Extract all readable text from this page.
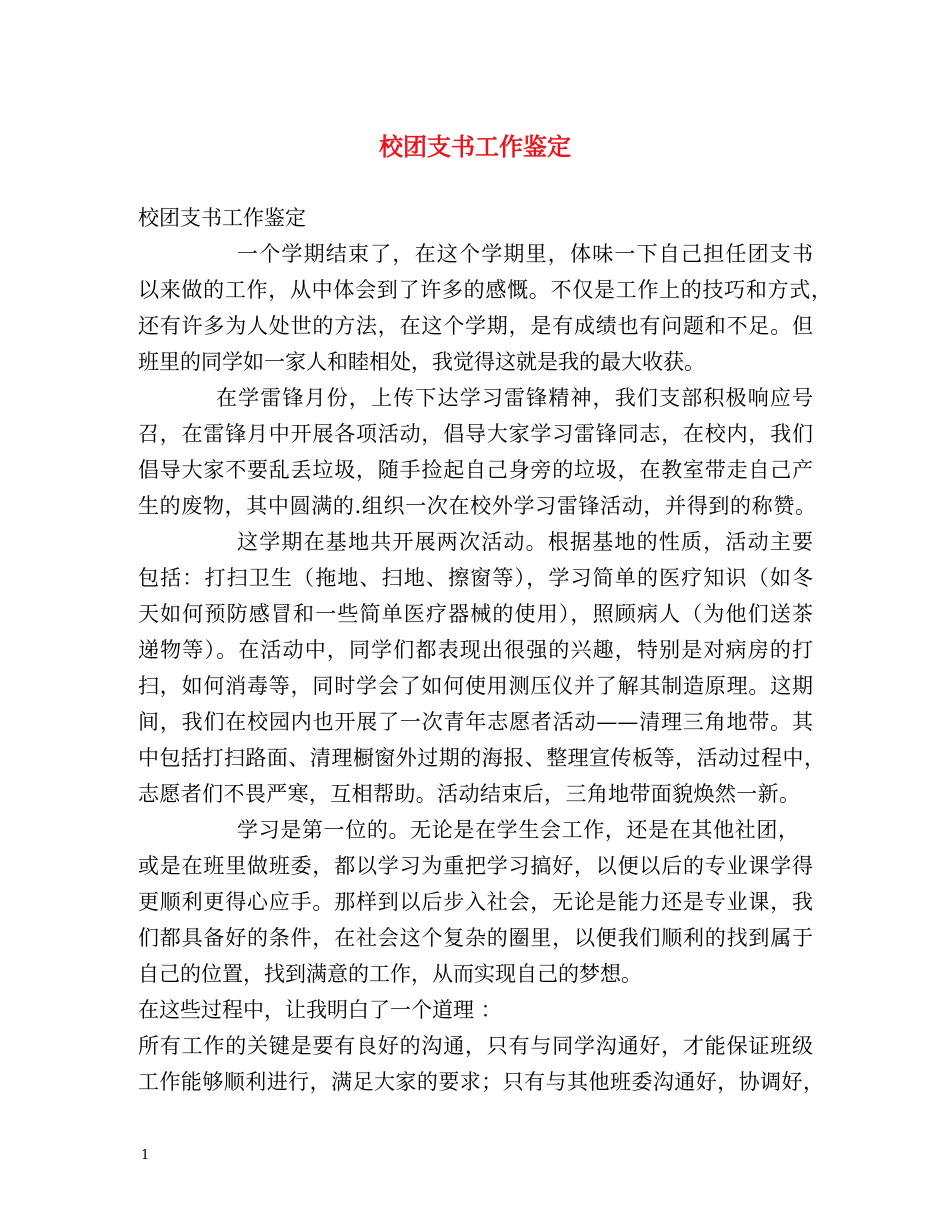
校团支书工作鉴定
校团支书工作鉴定
一个学期结束了，在这个学期里，体味一下自己担任团支书
以来做的工作，从中体会到了许多的感慨。不仅是工作上的技巧和方式，
还有许多为人处世的方法，在这个学期，是有成绩也有问题和不足。但
班里的同学如一家人和睦相处，我觉得这就是我的最大收获。
在学雷锋月份，上传下达学习雷锋精神，我们支部积极响应号
召，在雷锋月中开展各项活动，倡导大家学习雷锋同志，在校内，我们
倡导大家不要乱丢垃圾，随手捡起自己身旁的垃圾，在教室带走自己产
生的废物，其中圆满的.组织一次在校外学习雷锋活动，并得到的称赞。
这学期在基地共开展两次活动。根据基地的性质，活动主要
包括：打扫卫生（拖地、扫地、擦窗等），学习简单的医疗知识（如冬
天如何预防感冒和一些简单医疗器械的使用），照顾病人（为他们送茶
递物等）。在活动中，同学们都表现出很强的兴趣，特别是对病房的打
扫，如何消毒等，同时学会了如何使用测压仪并了解其制造原理。这期
间，我们在校园内也开展了一次青年志愿者活动——清理三角地带。其
中包括打扫路面、清理橱窗外过期的海报、整理宣传板等，活动过程中，
志愿者们不畏严寒，互相帮助。活动结束后，三角地带面貌焕然一新。
学习是第一位的。无论是在学生会工作，还是在其他社团，
或是在班里做班委，都以学习为重把学习搞好，以便以后的专业课学得
更顺利更得心应手。那样到以后步入社会，无论是能力还是专业课，我
们都具备好的条件，在社会这个复杂的圈里，以便我们顺利的找到属于
自己的位置，找到满意的工作，从而实现自己的梦想。
在这些过程中，让我明白了一个道理 ：
所有工作的关键是要有良好的沟通，只有与同学沟通好，才能保证班级
工作能够顺利进行，满足大家的要求；只有与其他班委沟通好，协调好，
1
